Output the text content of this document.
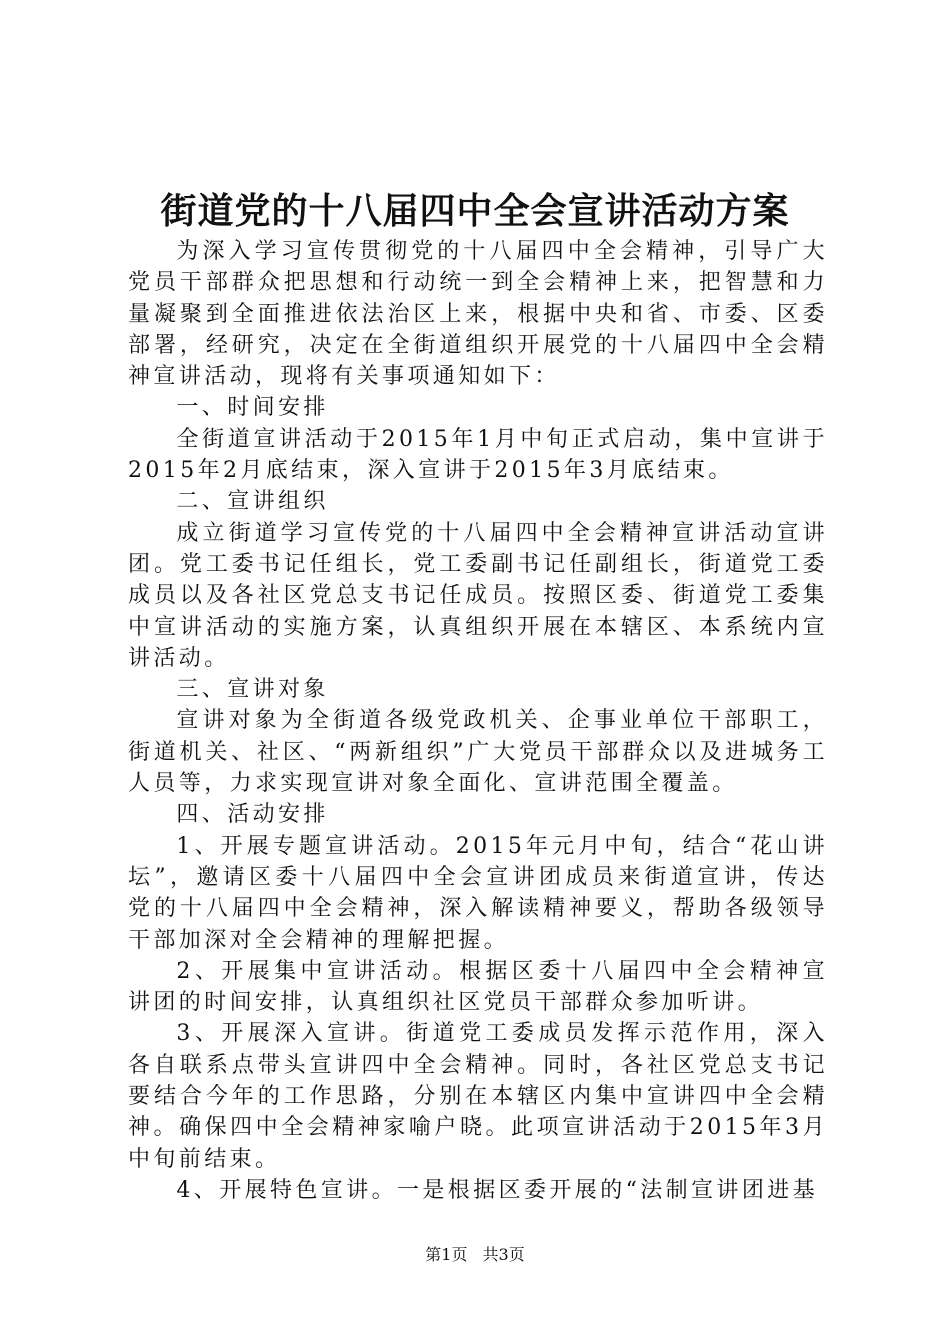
街道党的十八届四中全会宣讲活动方案

为深入学习宣传贯彻党的十八届四中全会精神，引导广大党员干部群众把思想和行动统一到全会精神上来，把智慧和力量凝聚到全面推进依法治区上来，根据中央和省、市委、区委部署，经研究，决定在全街道组织开展党的十八届四中全会精神宣讲活动，现将有关事项通知如下：

一、时间安排

全街道宣讲活动于2015年1月中旬正式启动，集中宣讲于2015年2月底结束，深入宣讲于2015年3月底结束。

二、宣讲组织

成立街道学习宣传党的十八届四中全会精神宣讲活动宣讲团。党工委书记任组长，党工委副书记任副组长，街道党工委成员以及各社区党总支书记任成员。按照区委、街道党工委集中宣讲活动的实施方案，认真组织开展在本辖区、本系统内宣讲活动。

三、宣讲对象

宣讲对象为全街道各级党政机关、企事业单位干部职工，街道机关、社区、“两新组织”广大党员干部群众以及进城务工人员等，力求实现宣讲对象全面化、宣讲范围全覆盖。

四、活动安排

1、开展专题宣讲活动。2015年元月中旬，结合“花山讲坛”，邀请区委十八届四中全会宣讲团成员来街道宣讲，传达党的十八届四中全会精神，深入解读精神要义，帮助各级领导干部加深对全会精神的理解把握。

2、开展集中宣讲活动。根据区委十八届四中全会精神宣讲团的时间安排，认真组织社区党员干部群众参加听讲。

3、开展深入宣讲。街道党工委成员发挥示范作用，深入各自联系点带头宣讲四中全会精神。同时，各社区党总支书记要结合今年的工作思路，分别在本辖区内集中宣讲四中全会精神。确保四中全会精神家喻户晓。此项宣讲活动于2015年3月中旬前结束。

4、开展特色宣讲。一是根据区委开展的“法制宣讲团进基

第1页 共3页
